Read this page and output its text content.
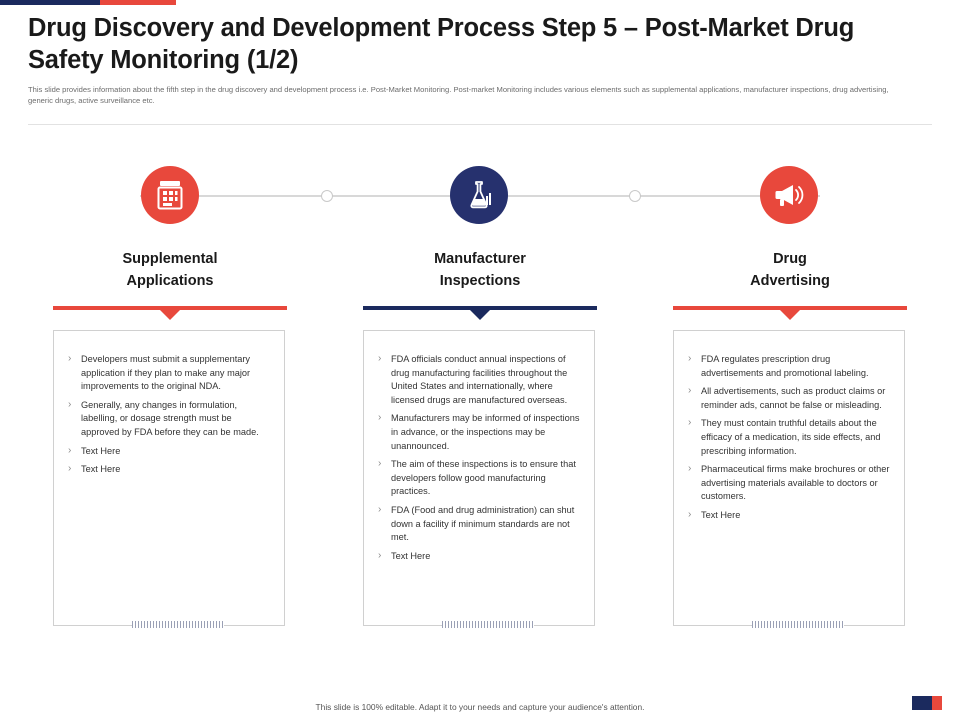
Drug Discovery and Development Process Step 5 – Post-Market Drug Safety Monitoring (1/2)
This slide provides information about the fifth step in the drug discovery and development process i.e. Post-Market Monitoring. Post-market Monitoring includes various elements such as supplemental applications, manufacturer inspections, drug advertising, generic drugs, active surveillance etc.
Supplemental
Applications
› Developers must submit a supplementary application if they plan to make any major improvements to the original NDA.
› Generally, any changes in formulation, labelling, or dosage strength must be approved by FDA before they can be made.
› Text Here
› Text Here
Manufacturer
Inspections
› FDA officials conduct annual inspections of drug manufacturing facilities throughout the United States and internationally, where licensed drugs are manufactured overseas.
› Manufacturers may be informed of inspections in advance, or the inspections may be unannounced.
› The aim of these inspections is to ensure that developers follow good manufacturing practices.
› FDA (Food and drug administration) can shut down a facility if minimum standards are not met.
› Text Here
Drug
Advertising
› FDA regulates prescription drug advertisements and promotional labeling.
› All advertisements, such as product claims or reminder ads, cannot be false or misleading.
› They must contain truthful details about the efficacy of a medication, its side effects, and prescribing information.
› Pharmaceutical firms make brochures or other advertising materials available to doctors or customers.
› Text Here
This slide is 100% editable. Adapt it to your needs and capture your audience's attention.
